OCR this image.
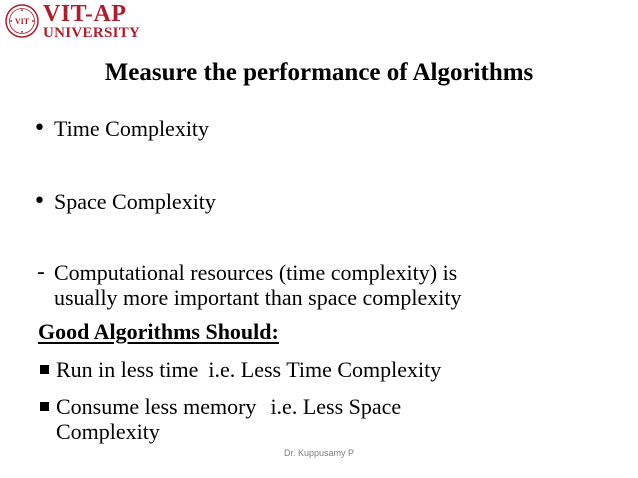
VIT VIT-AP
UNIVERSITY
Measure the performance of Algorithms
• Time Complexity
• Space Complexity
- Computational resources (time complexity) is
usually more important than space complexity
Good Algorithms Should:
Run in less time i.e. Less Time Complexity
Consume less memory i.e. Less Space
Complexity
Dr. Kuppusamy P
